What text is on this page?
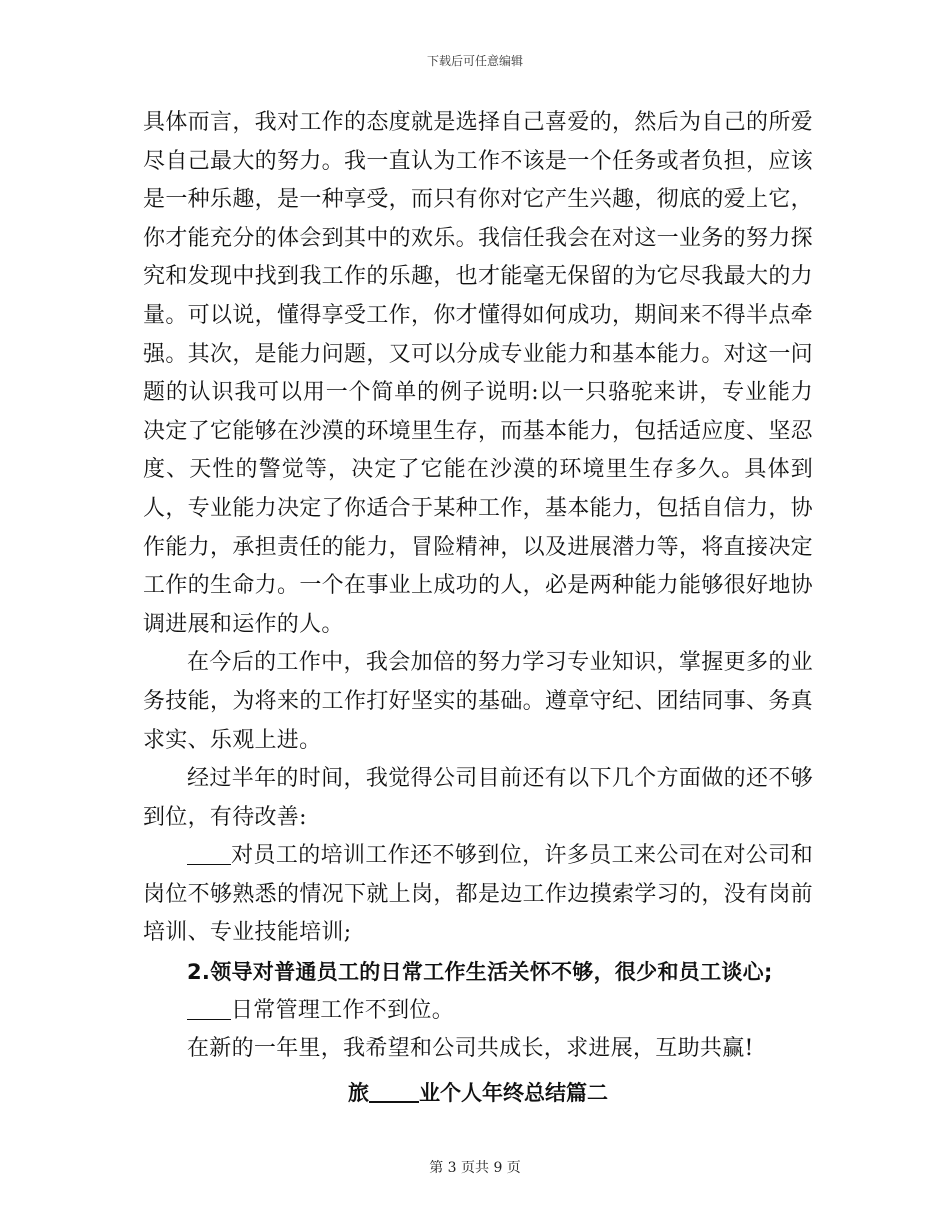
下载后可任意编辑

具体而言，我对工作的态度就是选择自己喜爱的，然后为自己的所爱尽自己最大的努力。我一直认为工作不该是一个任务或者负担，应该是一种乐趣，是一种享受，而只有你对它产生兴趣，彻底的爱上它，你才能充分的体会到其中的欢乐。我信任我会在对这一业务的努力探究和发现中找到我工作的乐趣，也才能毫无保留的为它尽我最大的力量。可以说，懂得享受工作，你才懂得如何成功，期间来不得半点牵强。其次，是能力问题，又可以分成专业能力和基本能力。对这一问题的认识我可以用一个简单的例子说明:以一只骆驼来讲，专业能力决定了它能够在沙漠的环境里生存，而基本能力，包括适应度、坚忍度、天性的警觉等，决定了它能在沙漠的环境里生存多久。具体到人，专业能力决定了你适合于某种工作，基本能力，包括自信力，协作能力，承担责任的能力，冒险精神，以及进展潜力等，将直接决定工作的生命力。一个在事业上成功的人，必是两种能力能够很好地协调进展和运作的人。

在今后的工作中，我会加倍的努力学习专业知识，掌握更多的业务技能，为将来的工作打好坚实的基础。遵章守纪、团结同事、务真求实、乐观上进。

经过半年的时间，我觉得公司目前还有以下几个方面做的还不够到位，有待改善:

对员工的培训工作还不够到位，许多员工来公司在对公司和岗位不够熟悉的情况下就上岗，都是边工作边摸索学习的，没有岗前培训、专业技能培训;

2.领导对普通员工的日常工作生活关怀不够，很少和员工谈心;

日常管理工作不到位。

在新的一年里，我希望和公司共成长，求进展，互助共赢!

旅 业个人年终总结篇二

第 3 页共 9 页
